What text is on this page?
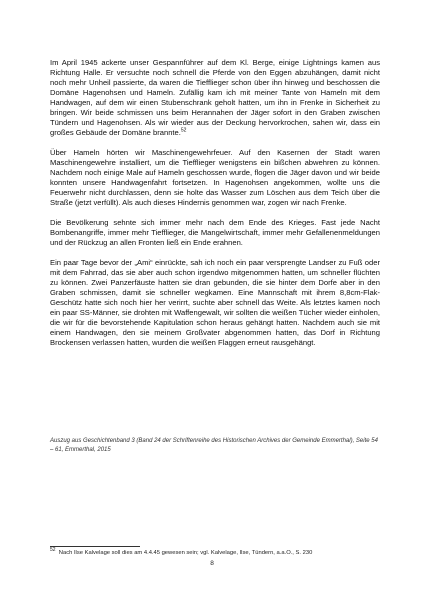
Im April 1945 ackerte unser Gespannführer auf dem Kl. Berge, einige Lightnings kamen aus Richtung Halle. Er versuchte noch schnell die Pferde von den Eggen abzuhängen, damit nicht noch mehr Unheil passierte, da waren die Tiefflieger schon über ihn hinweg und beschossen die Domäne Hagenohsen und Hameln. Zufällig kam ich mit meiner Tante von Hameln mit dem Handwagen, auf dem wir einen Stubenschrank geholt hatten, um ihn in Frenke in Sicherheit zu bringen. Wir beide schmissen uns beim Herannahen der Jäger sofort in den Graben zwischen Tündern und Hagenohsen. Als wir wieder aus der Deckung hervorkrochen, sahen wir, dass ein großes Gebäude der Domäne brannte.$^{52}$

Über Hameln hörten wir Maschinengewehrfeuer. Auf den Kasernen der Stadt waren Maschinengewehre installiert, um die Tiefflieger wenigstens ein bißchen abwehren zu können. Nachdem noch einige Male auf Hameln geschossen wurde, flogen die Jäger davon und wir beide konnten unsere Handwagenfahrt fortsetzen. In Hagenohsen angekommen, wollte uns die Feuerwehr nicht durchlassen, denn sie holte das Wasser zum Löschen aus dem Teich über die Straße (jetzt verfüllt). Als auch dieses Hindernis genommen war, zogen wir nach Frenke.

Die Bevölkerung sehnte sich immer mehr nach dem Ende des Krieges. Fast jede Nacht Bombenangriffe, immer mehr Tiefflieger, die Mangelwirtschaft, immer mehr Gefallenenmeldungen und der Rückzug an allen Fronten ließ ein Ende erahnen.

Ein paar Tage bevor der „Ami“ einrückte, sah ich noch ein paar versprengte Landser zu Fuß oder mit dem Fahrrad, das sie aber auch schon irgendwo mitgenommen hatten, um schneller flüchten zu können. Zwei Panzerfäuste hatten sie dran gebunden, die sie hinter dem Dorfe aber in den Graben schmissen, damit sie schneller wegkamen. Eine Mannschaft mit ihrem 8,8cm-Flak-Geschütz hatte sich noch hier her verirrt, suchte aber schnell das Weite. Als letztes kamen noch ein paar SS-Männer, sie drohten mit Waffengewalt, wir sollten die weißen Tücher wieder einholen, die wir für die bevorstehende Kapitulation schon heraus gehängt hatten. Nachdem auch sie mit einem Handwagen, den sie meinem Großvater abgenommen hatten, das Dorf in Richtung Brockensen verlassen hatten, wurden die weißen Flaggen erneut rausgehängt.

Auszug aus Geschichtenband 3 (Band 24 der Schriftenreihe des Historischen Archives der Gemeinde Emmerthal), Seite 54 – 61, Emmerthal, 2015
$^{52}$ Nach Ilse Kalvelage soll dies am 4.4.45 gewesen sein; vgl. Kalvelage, Ilse, Tündern, a.a.O., S. 230
8
